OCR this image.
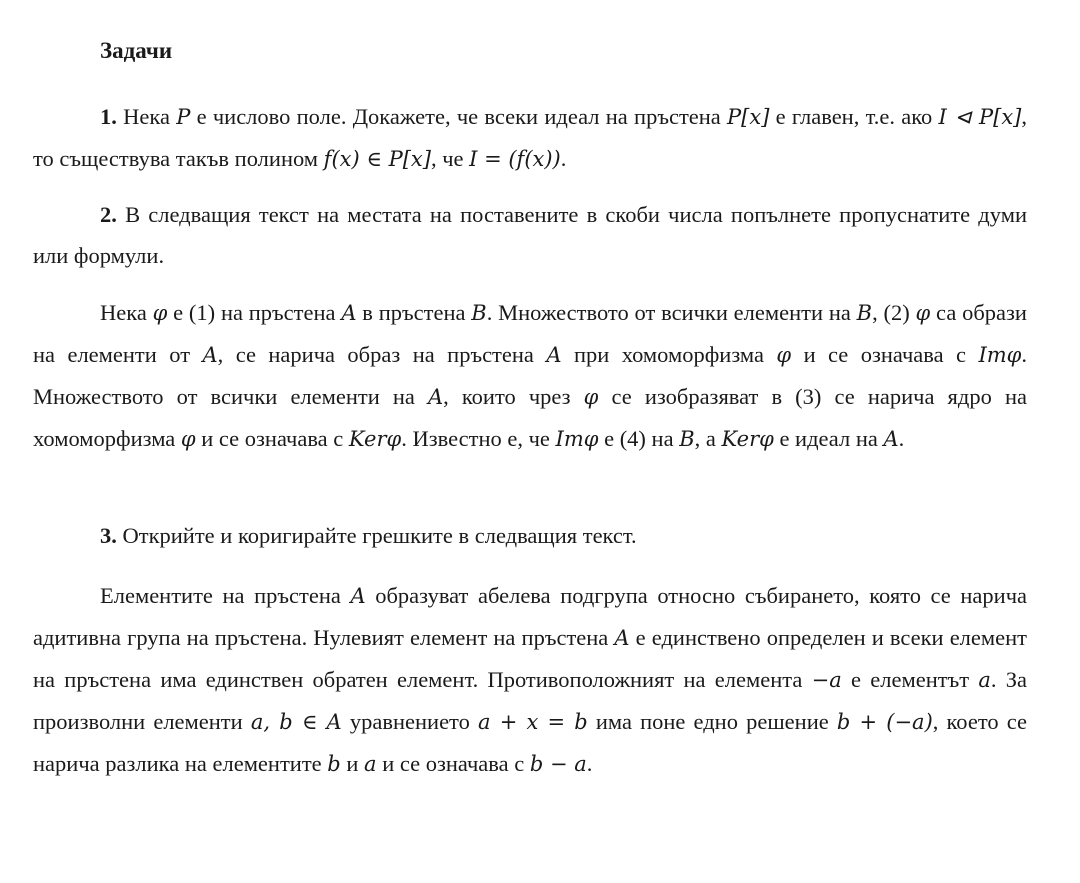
Задачи

1. Нека P е числово поле. Докажете, че всеки идеал на пръстена P[x] е главен, т.е. ако I ⊲ P[x], то съществува такъв полином f(x) ∈ P[x], че I = (f(x)).

2. В следващия текст на местата на поставените в скоби числа попълнете пропуснатите думи или формули.

Нека φ е (1) на пръстена A в пръстена B. Множеството от всички елементи на B, (2) φ са образи на елементи от A, се нарича образ на пръстена A при хомоморфизма φ и се означава с Imφ. Множеството от всички елементи на A, които чрез φ се изобразяват в (3) се нарича ядро на хомоморфизма φ и се означава с Kerφ. Известно е, че Imφ е (4) на B, а Kerφ е идеал на A.

3. Открийте и коригирайте грешките в следващия текст.

Елементите на пръстена A образуват абелева подгрупа относно събирането, която се нарича адитивна група на пръстена. Нулевият елемент на пръстена A е единствено определен и всеки елемент на пръстена има единствен обратен елемент. Противоположният на елемента −a е елементът a. За произволни елементи a, b ∈ A уравнението a + x = b има поне едно решение b + (−a), което се нарича разлика на елементите b и a и се означава с b − a.
